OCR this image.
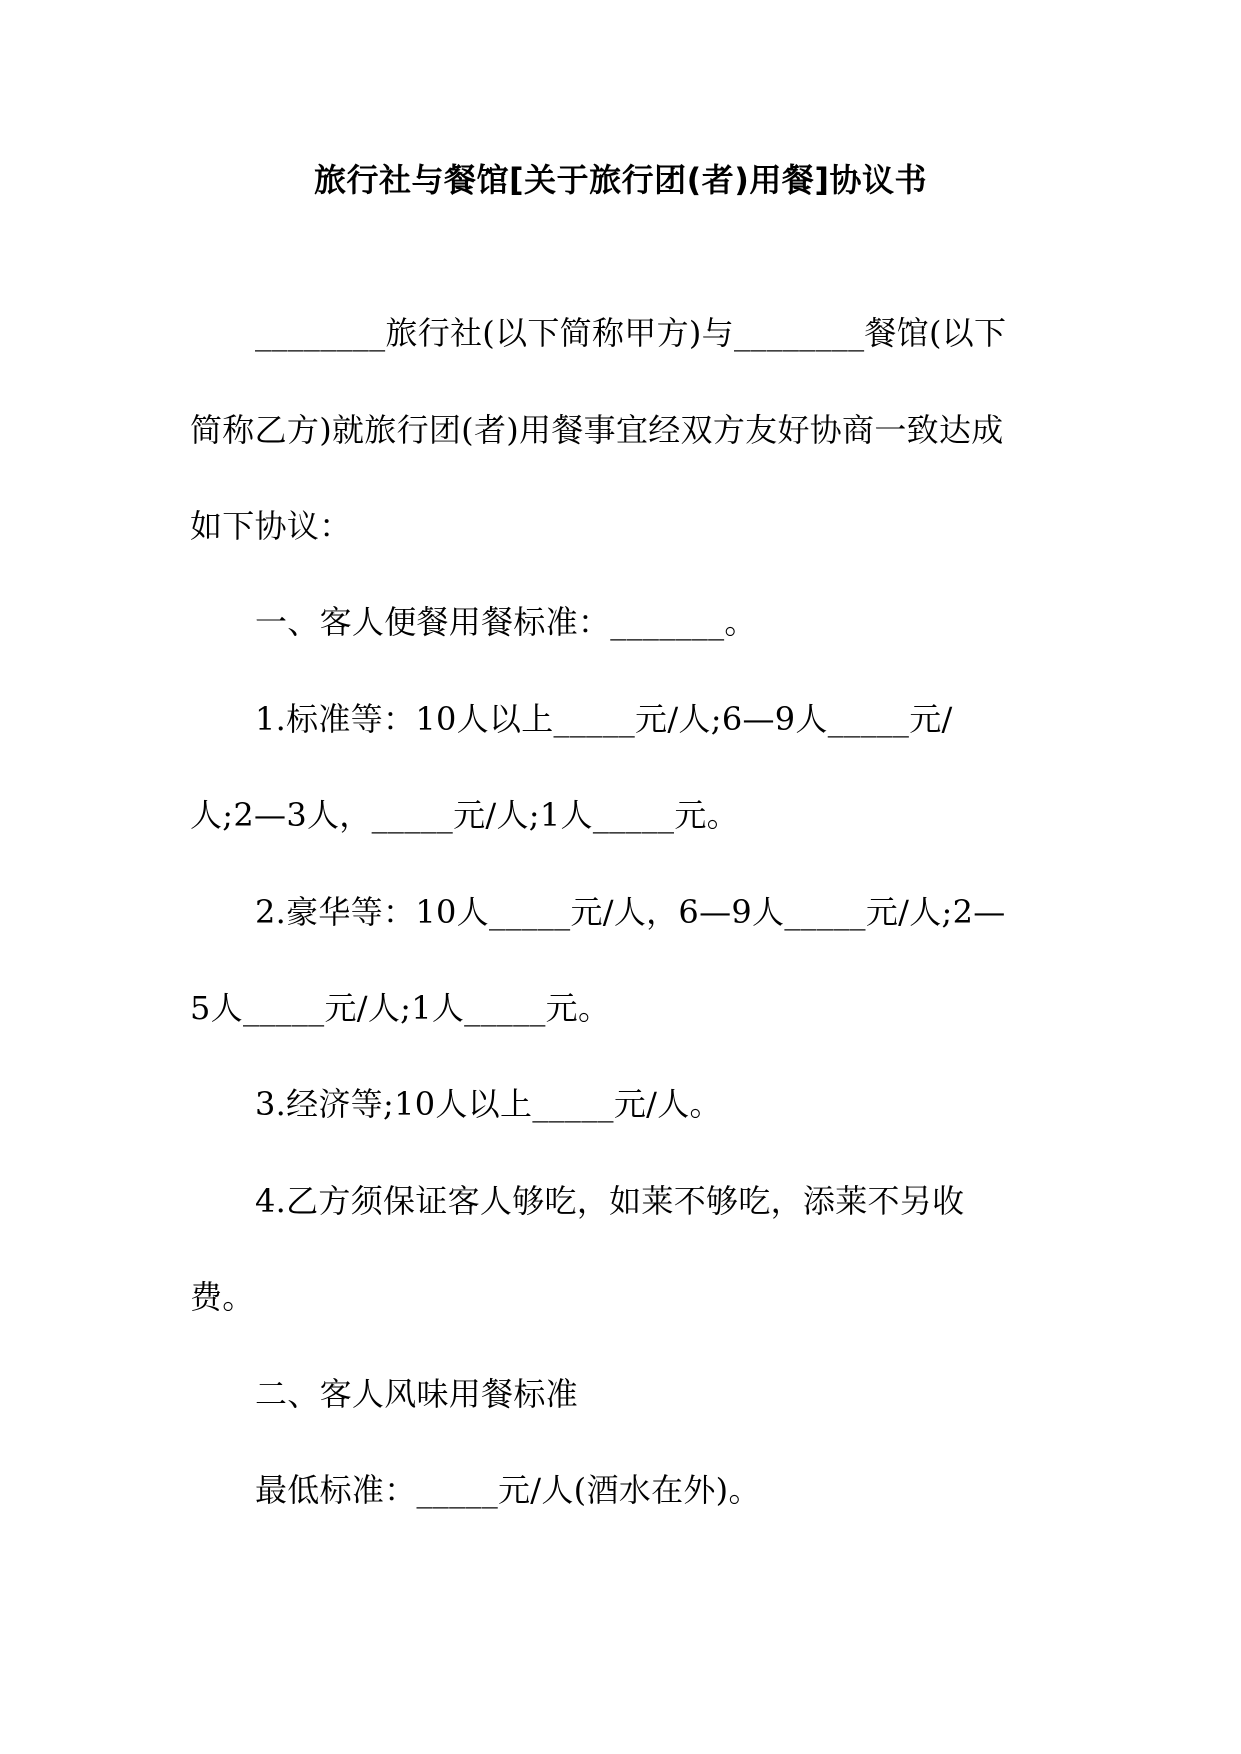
旅行社与餐馆[关于旅行团(者)用餐]协议书
________旅行社(以下简称甲方)与________餐馆(以下
简称乙方)就旅行团(者)用餐事宜经双方友好协商一致达成
如下协议：
一、客人便餐用餐标准：_______。
1.标准等：10人以上_____元/人;6—9人_____元/
人;2—3人，_____元/人;1人_____元。
2.豪华等：10人_____元/人，6—9人_____元/人;2—
5人_____元/人;1人_____元。
3.经济等;10人以上_____元/人。
4.乙方须保证客人够吃，如莱不够吃，添莱不另收
费。
二、客人风味用餐标准
最低标准：_____元/人(酒水在外)。
